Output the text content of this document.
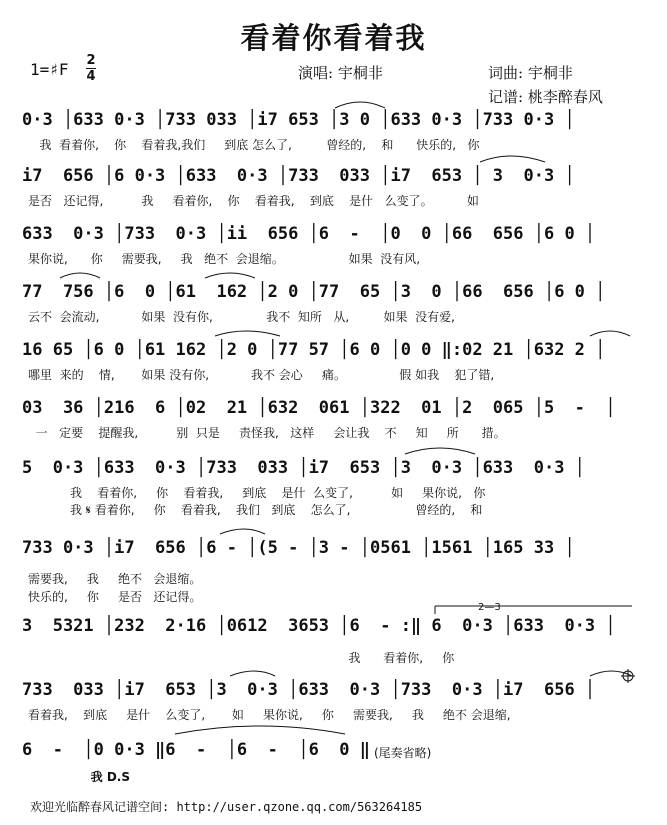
看着你看着我
1=♯F 2
4	演唱: 宇桐非	词曲: 宇桐非
记谱: 桃李醉春风
0·3 │633 0·3 │733 033 │i7 653 │3 0 │633 0·3 │733 0·3 │
我  看着你,    你    看着我,我们     到底 怎么了,         曾经的,    和      快乐的,   你
i7  656 │6 0·3 │633  0·3 │733  033 │i7  653 │ 3  0·3 │
是否   还记得,          我     看着你,    你    看着我,    到底    是什   么变了。         如
633  0·3 │733  0·3 │ii  656 │6  -  │0  0 │66  656 │6 0 │
果你说,      你     需要我,     我   绝不  会退缩。                 如果  没有风,
77  756 │6  0 │61  162 │2 0 │77  65 │3  0 │66  656 │6 0 │
云不  会流动,           如果  没有你,              我不  知所   从,         如果  没有爱,
16 65 │6 0 │61 162 │2 0 │77 57 │6 0 │0 0 ‖:02 21 │632 2 │
哪里  来的    情,       如果 没有你,           我不 会心     痛。              假 如我    犯了错,
03  36 │216  6 │02  21 │632  061 │322  01 │2  065 │5  -  │
一   定要    提醒我,          别  只是     责怪我,   这样     会让我    不     知     所      措。
5  0·3 │633  0·3 │733  033 │i7  653 │3  0·3 │633  0·3 │
我    看着你,     你    看着我,     到底    是什  么变了,          如     果你说,   你
我 𝄋 看着你,     你    看着我,    我们   到底    怎么了,                 曾经的,    和
733 0·3 │i7  656 │6 - │(5 - │3 - │0561 │1561 │165 33 │
需要我,     我     绝不   会退缩。
快乐的,     你     是否   还记得。
3  5321 │232  2·16 │0612  3653 │6  - :‖ 6  0·3 │633  0·3 │
2—3
我      看着你,     你
733  033 │i7  653 │3  0·3 │633  0·3 │733  0·3 │i7  656 │
看着我,    到底     是什    么变了,       如     果你说,     你     需要我,     我     绝不 会退缩,
6  -  │0 0·3 ‖6  -  │6  -  │6  0 ‖ (尾奏省略)
我 D.S
欢迎光临醉春风记谱空间: http://user.qzone.qq.com/563264185
